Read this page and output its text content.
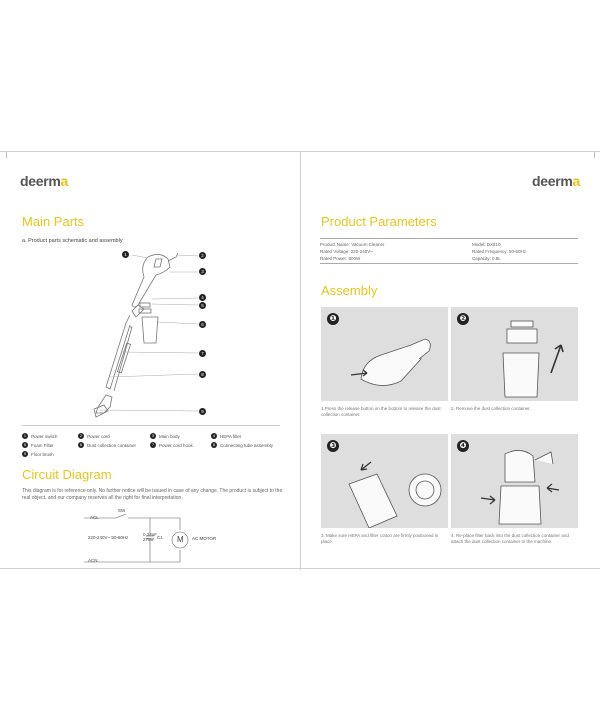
deerma
Main Parts
a. Product parts schematic and assembly
1	2
3
4
5
6
7
8
9
1	Power switch	2	Power cord	3	Main body	4	HEPA filter
5	Foam Filter	6	Dust collection container	7	Power cord hook	8	Connecting tube assembly
9	Floor brush
Circuit Diagram
This diagram is for reference only. No further notice will be issued in case of any change. The product is subject to the real object, and our company reserves all the right for final interpretation.
ACL
SW
220-240V~ 50-60Hz
0.33uF 275V C1 M AC MOTOR
ACN
deerma
Product Parameters
Product Name: Vacuum Cleaner	Model: DX810
Rated Voltage: 220-240V~	Rated Frequency: 50-60Hz
Rated Power: 600W	Capacity: 0.8L
Assembly
❶
1.Press the release button on the bottom to release the dust collection container.
❷
2. Remove the dust collection container.
❸
3. Make sure HEPA and filter cotton are firmly positioned in place.
❹
4. Re-place filter back into the dust collection container and attach the dust collection container to the machine.
